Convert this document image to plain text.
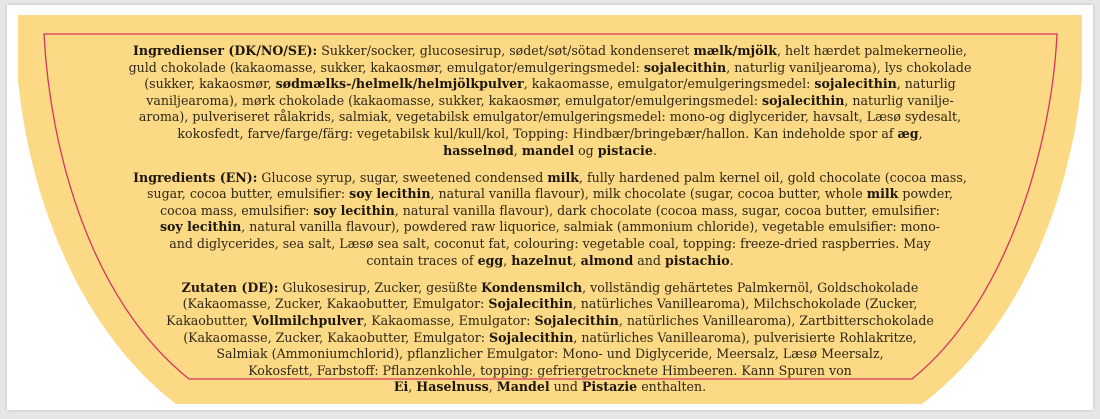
Ingredienser (DK/NO/SE): Sukker/socker, glucosesirup, sødet/søt/sötad kondenseret mælk/mjölk, helt hærdet palmekerneolie,
guld chokolade (kakaomasse, sukker, kakaosmør, emulgator/emulgeringsmedel: sojalecithin, naturlig vaniljearoma), lys chokolade
(sukker, kakaosmør, sødmælks-/helmelk/helmjölkpulver, kakaomasse, emulgator/emulgeringsmedel: sojalecithin, naturlig
vaniljearoma), mørk chokolade (kakaomasse, sukker, kakaosmør, emulgator/emulgeringsmedel: sojalecithin, naturlig vanilje-
aroma), pulveriseret rålakrids, salmiak, vegetabilsk emulgator/emulgeringsmedel: mono-og diglycerider, havsalt, Læsø sydesalt,
kokosfedt, farve/farge/färg: vegetabilsk kul/kull/kol, Topping: Hindbær/bringebær/hallon. Kan indeholde spor af æg,
hasselnød, mandel og pistacie.
Ingredients (EN): Glucose syrup, sugar, sweetened condensed milk, fully hardened palm kernel oil, gold chocolate (cocoa mass,
sugar, cocoa butter, emulsifier: soy lecithin, natural vanilla flavour), milk chocolate (sugar, cocoa butter, whole milk powder,
cocoa mass, emulsifier: soy lecithin, natural vanilla flavour), dark chocolate (cocoa mass, sugar, cocoa butter, emulsifier:
soy lecithin, natural vanilla flavour), powdered raw liquorice, salmiak (ammonium chloride), vegetable emulsifier: mono-
and diglycerides, sea salt, Læsø sea salt, coconut fat, colouring: vegetable coal, topping: freeze-dried raspberries. May
contain traces of egg, hazelnut, almond and pistachio.
Zutaten (DE): Glukosesirup, Zucker, gesüßte Kondensmilch, vollständig gehärtetes Palmkernöl, Goldschokolade
(Kakaomasse, Zucker, Kakaobutter, Emulgator: Sojalecithin, natürliches Vanillearoma), Milchschokolade (Zucker,
Kakaobutter, Vollmilchpulver, Kakaomasse, Emulgator: Sojalecithin, natürliches Vanillearoma), Zartbitterschokolade
(Kakaomasse, Zucker, Kakaobutter, Emulgator: Sojalecithin, natürliches Vanillearoma), pulverisierte Rohlakritze,
Salmiak (Ammoniumchlorid), pflanzlicher Emulgator: Mono- und Diglyceride, Meersalz, Læsø Meersalz,
Kokosfett, Farbstoff: Pflanzenkohle, topping: gefriergetrocknete Himbeeren. Kann Spuren von
Ei, Haselnuss, Mandel und Pistazie enthalten.
